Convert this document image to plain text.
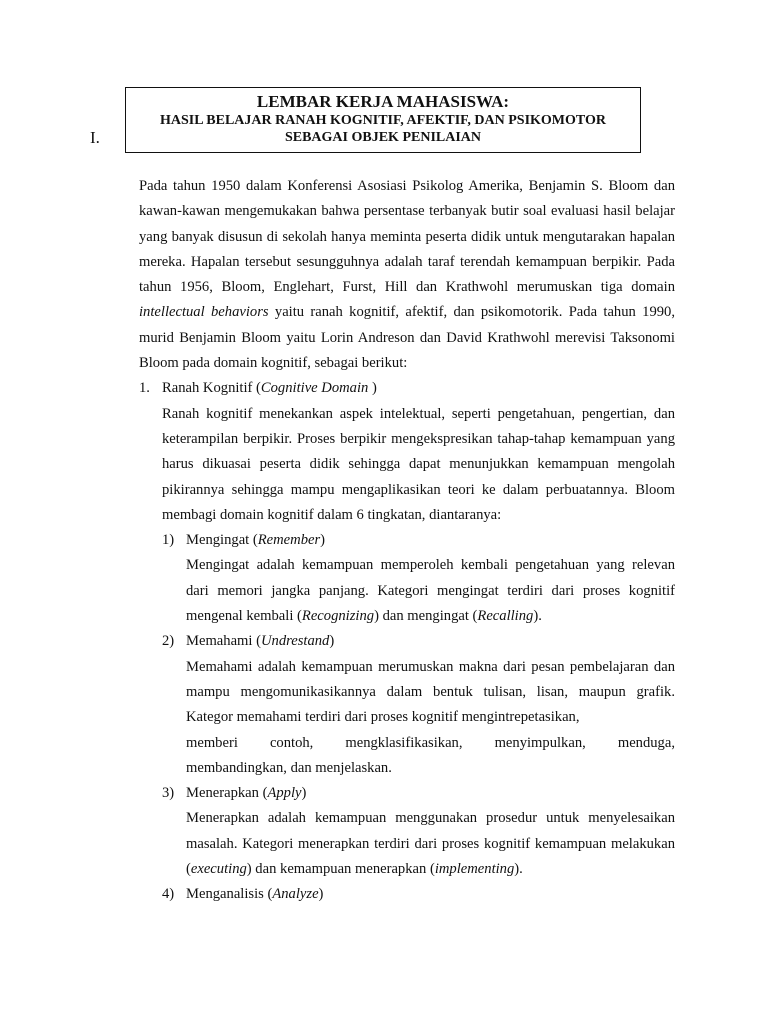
I.
LEMBAR KERJA MAHASISWA:
HASIL BELAJAR RANAH KOGNITIF, AFEKTIF, DAN PSIKOMOTOR
SEBAGAI OBJEK PENILAIAN

Pada tahun 1950 dalam Konferensi Asosiasi Psikolog Amerika, Benjamin S. Bloom dan kawan-kawan mengemukakan bahwa persentase terbanyak butir soal evaluasi hasil belajar yang banyak disusun di sekolah hanya meminta peserta didik untuk mengutarakan hapalan mereka. Hapalan tersebut sesungguhnya adalah taraf terendah kemampuan berpikir. Pada tahun 1956, Bloom, Englehart, Furst, Hill dan Krathwohl merumuskan tiga domain intellectual behaviors yaitu ranah kognitif, afektif, dan psikomotorik. Pada tahun 1990, murid Benjamin Bloom yaitu Lorin Andreson dan David Krathwohl merevisi Taksonomi Bloom pada domain kognitif, sebagai berikut:

1. Ranah Kognitif (Cognitive Domain )

Ranah kognitif menekankan aspek intelektual, seperti pengetahuan, pengertian, dan keterampilan berpikir. Proses berpikir mengekspresikan tahap-tahap kemampuan yang harus dikuasai peserta didik sehingga dapat menunjukkan kemampuan mengolah pikirannya sehingga mampu mengaplikasikan teori ke dalam perbuatannya. Bloom membagi domain kognitif dalam 6 tingkatan, diantaranya:

1) Mengingat (Remember)

Mengingat adalah kemampuan memperoleh kembali pengetahuan yang relevan dari memori jangka panjang. Kategori mengingat terdiri dari proses kognitif mengenal kembali (Recognizing) dan mengingat (Recalling).

2) Memahami (Undrestand)

Memahami adalah kemampuan merumuskan makna dari pesan pembelajaran dan mampu mengomunikasikannya dalam bentuk tulisan, lisan, maupun grafik. Kategor memahami terdiri dari proses kognitif mengintrepetasikan,

memberi contoh, mengklasifikasikan, menyimpulkan, menduga,

membandingkan, dan menjelaskan.

3) Menerapkan (Apply)

Menerapkan adalah kemampuan menggunakan prosedur untuk menyelesaikan masalah. Kategori menerapkan terdiri dari proses kognitif kemampuan melakukan (executing) dan kemampuan menerapkan (implementing).

4) Menganalisis (Analyze)
